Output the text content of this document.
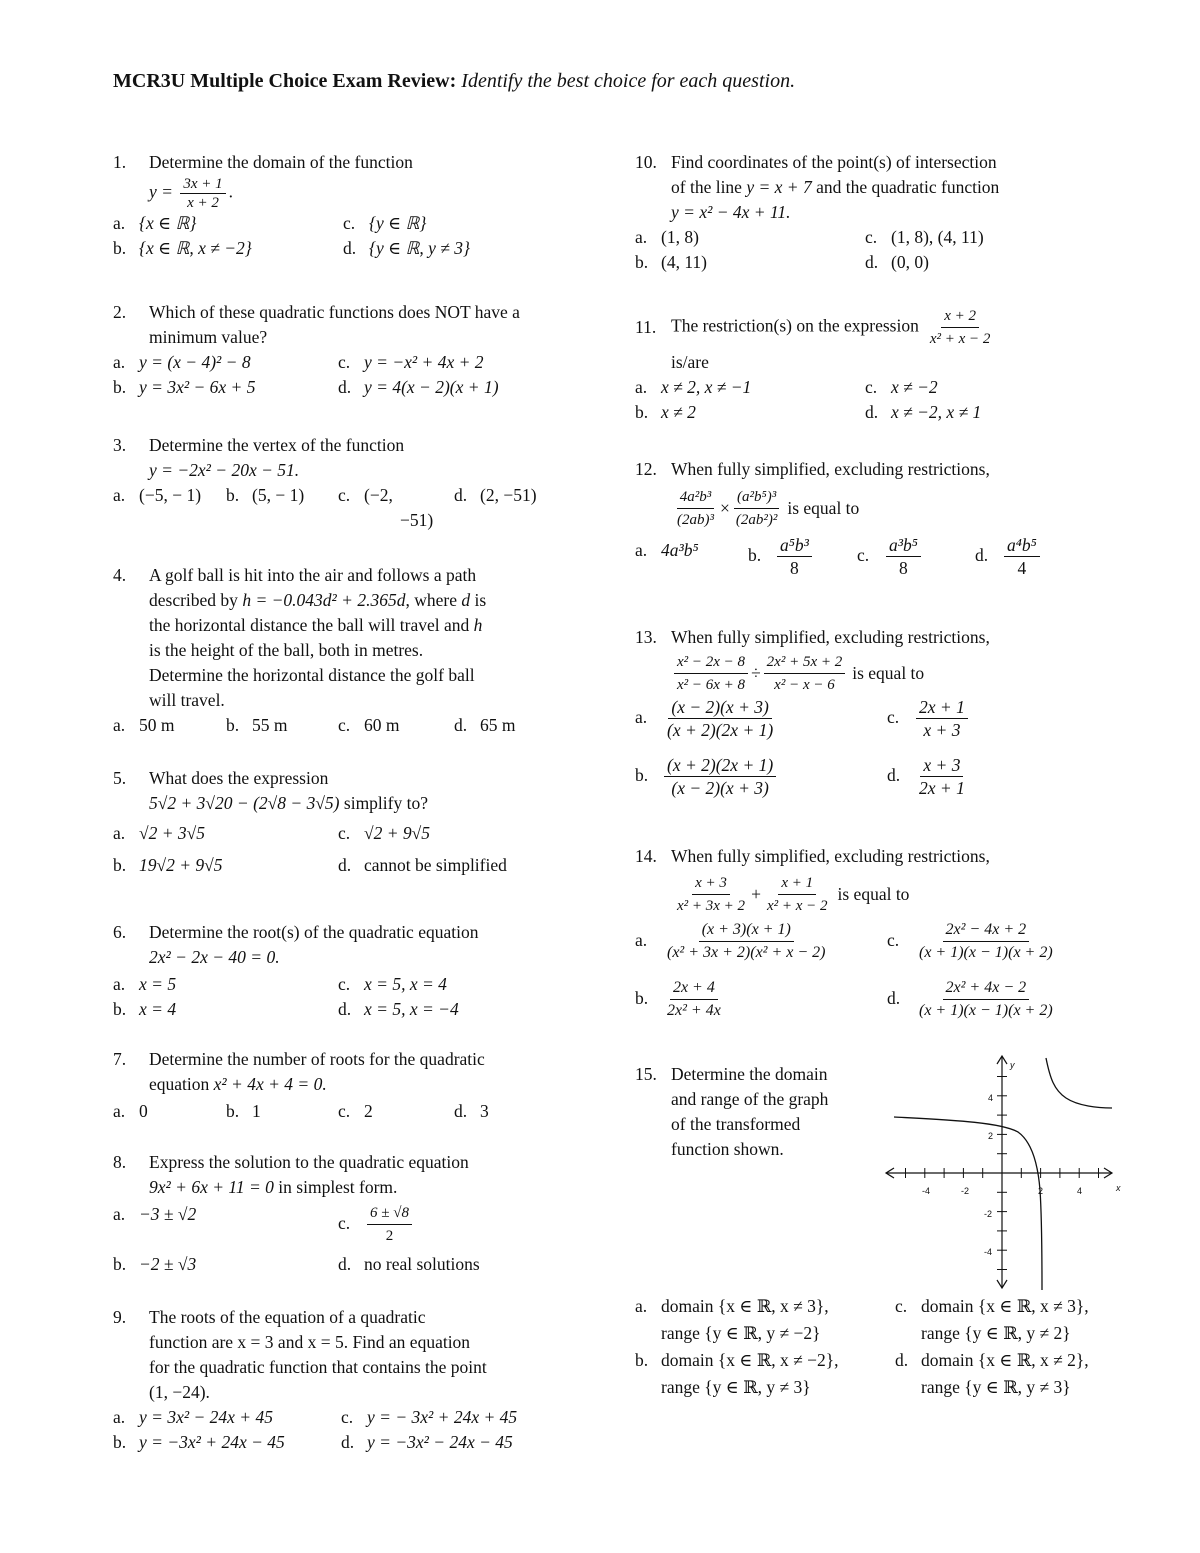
MCR3U Multiple Choice Exam Review: Identify the best choice for each question.
1.	Determine the domain of the function
$y = \frac{3x + 1}{x + 2}$ .
a. {x ∈ ℝ}	c. {y ∈ ℝ}
b. {x ∈ ℝ, x ≠ −2}	d. {y ∈ ℝ, y ≠ 3}
2.	Which of these quadratic functions does NOT have a minimum value?
a. y = (x − 4)² − 8	c. y = −x² + 4x + 2
b. y = 3x² − 6x + 5	d. y = 4(x − 2)(x + 1)
3.	Determine the vertex of the function
y = −2x² − 20x − 51.
a. (−5, − 1) b. (5, − 1) c. (−2,	d. (2, −51)
−51)
4.	A golf ball is hit into the air and follows a path
described by h = −0.043d² + 2.365d, where d is
the horizontal distance the ball will travel and h
is the height of the ball, both in metres.
Determine the horizontal distance the golf ball
will travel.
a. 50 m	b. 55 m	c. 60 m	d. 65 m
5.	What does the expression
5√2 + 3√20 − (2√8 − 3√5) simplify to?
a. √2 + 3√5	c. √2 + 9√5
b. 19√2 + 9√5	d. cannot be simplified
6.	Determine the root(s) of the quadratic equation
2x² − 2x − 40 = 0.
a. x = 5	c. x = 5, x = 4
b. x = 4	d. x = 5, x = −4
7.	Determine the number of roots for the quadratic
equation x² + 4x + 4 = 0.
a. 0	b. 1	c. 2	d. 3
8.	Express the solution to the quadratic equation
9x² + 6x + 11 = 0 in simplest form.
a. −3 ± √2	c. $\frac{6 \pm √8}{2}$
b. −2 ± √3	d. no real solutions
9.	The roots of the equation of a quadratic
function are x = 3 and x = 5. Find an equation
for the quadratic function that contains the point
(1, −24).
a. y = 3x² − 24x + 45	c. y = − 3x² + 24x + 45
b. y = −3x² + 24x − 45	d. y = −3x² − 24x − 45
10. Find coordinates of the point(s) of intersection
of the line y = x + 7 and the quadratic function
y = x² − 4x + 11.
a. (1, 8)	c. (1, 8), (4, 11)
b. (4, 11)	d. (0, 0)
11. The restriction(s) on the expression $\frac{x + 2}{\text{x² + x − 2}}$
is/are
a. x ≠ 2, x ≠ −1	c. x ≠ −2
b. x ≠ 2	d. x ≠ −2, x ≠ 1
12. When fully simplified, excluding restrictions,
$\frac{\text{4a²b³}}{\text{(2ab)³}} \times \frac{\text{(a²b⁵)³}}{\text{(2ab²)²}}$ is equal to
a. 4a³b⁵	b. $\frac{\text{a⁵b³}}{8}$	c. $\frac{\text{a³b⁵}}{8}$	d. $\frac{\text{a⁴b⁵}}{4}$
13. When fully simplified, excluding restrictions,
$\frac{\text{x² − 2x − 8}}{\text{x² − 6x + 8}} \div \frac{\text{2x² + 5x + 2}}{\text{x² − x − 6}}$ is equal to
a. $\frac{(x - 2)(x + 3)}{(x + 2)(2x + 1)}$	c. $\frac{2x + 1}{x + 3}$
b. $\frac{(x + 2)(2x + 1)}{(x - 2)(x + 3)}$	d. $\frac{x + 3}{2x + 1}$
14. When fully simplified, excluding restrictions,
$\frac{x + 3}{\text{x² + 3x + 2}} + \frac{x + 1}{\text{x² + x − 2}}$ is equal to
a. $\frac{(x + 3)(x + 1)}{\text{(x² + 3x + 2)(x² + x − 2)}}$	c. $\frac{\text{2x² − 4x + 2}}{(x + 1)(x - 1)(x + 2)}$
b. $\frac{2x + 4}{\text{2x² + 4x}}$	d. $\frac{\text{2x² + 4x − 2}}{(x + 1)(x - 1)(x + 2)}$
15. Determine the domain
and range of the graph
of the transformed
function shown.
x
y
-4	-2	2	4
4
2
-2
-4
a. domain {x ∈ ℝ, x ≠ 3},	c. domain {x ∈ ℝ, x ≠ 3},
range {y ∈ ℝ, y ≠ −2}	range {y ∈ ℝ, y ≠ 2}
b. domain {x ∈ ℝ, x ≠ −2},	d. domain {x ∈ ℝ, x ≠ 2},
range {y ∈ ℝ, y ≠ 3}	range {y ∈ ℝ, y ≠ 3}
